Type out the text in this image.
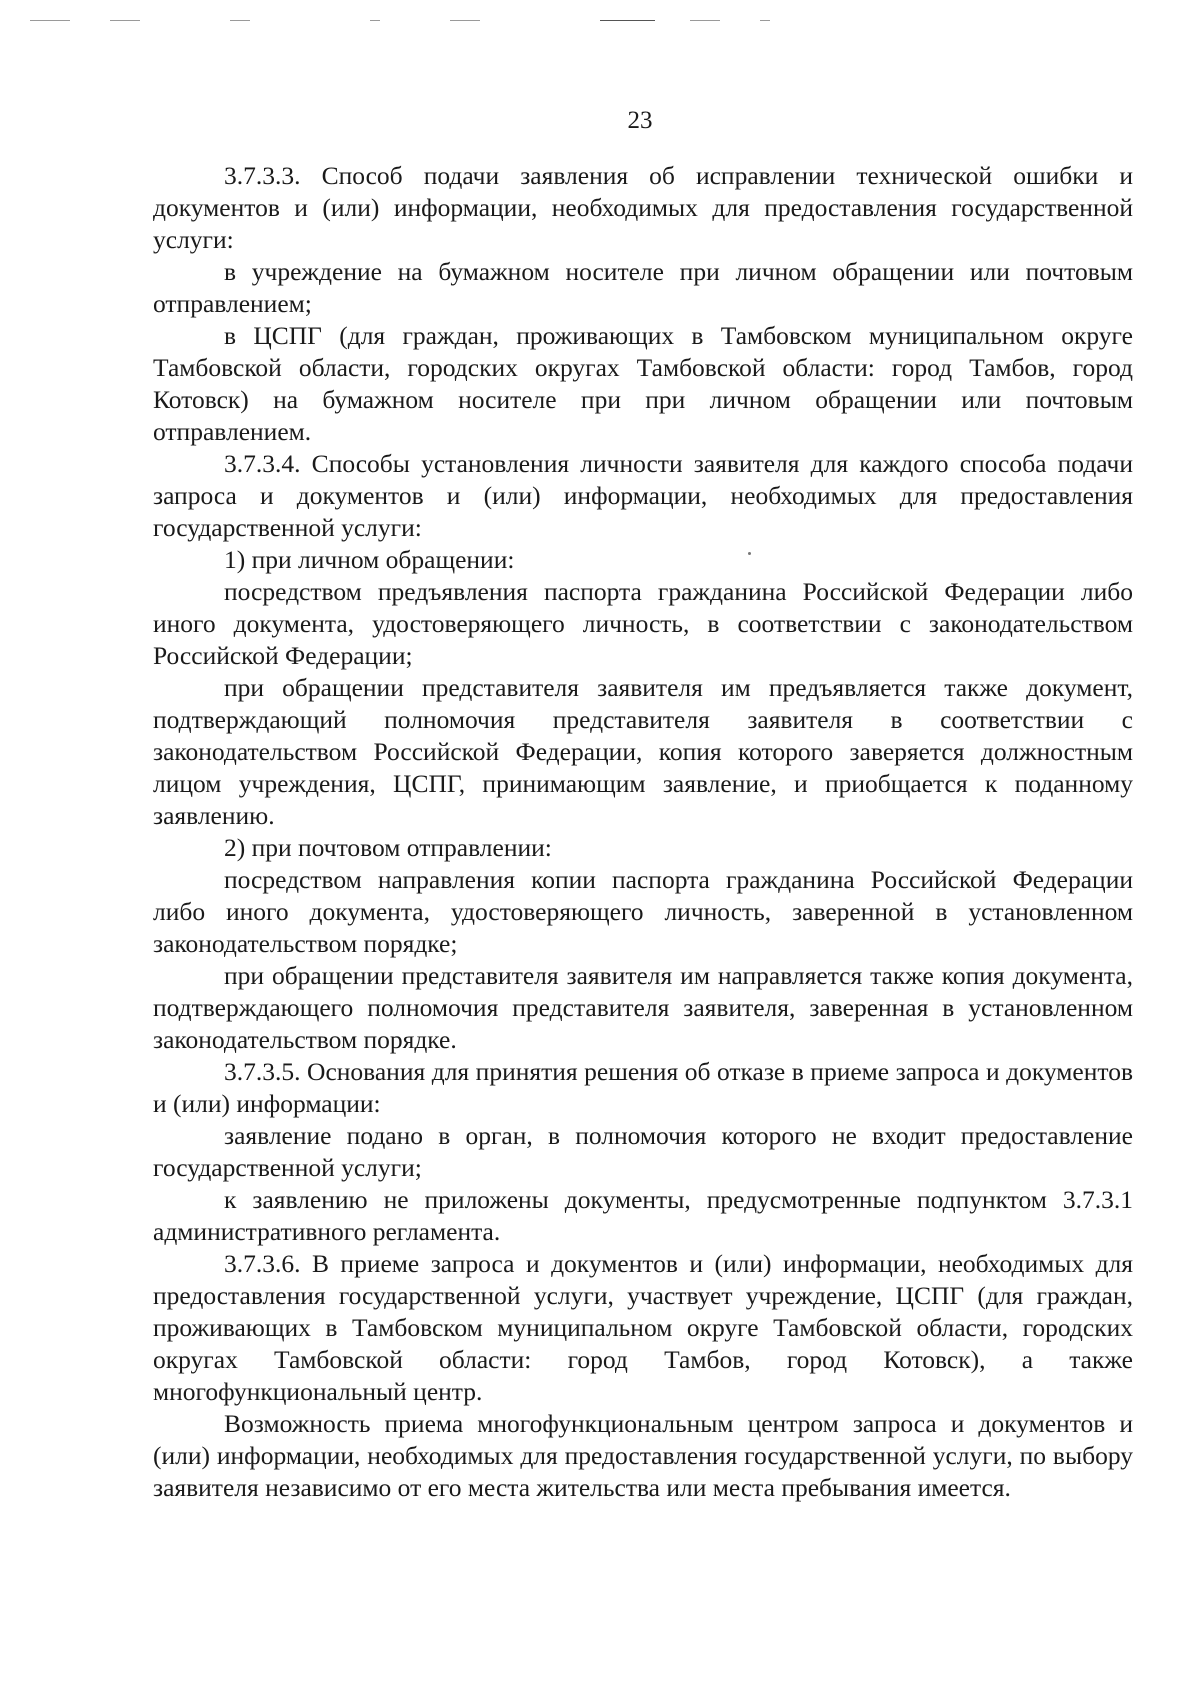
23

3.7.3.3. Способ подачи заявления об исправлении технической ошибки и документов и (или) информации, необходимых для предоставления государственной услуги:

в учреждение на бумажном носителе при личном обращении или почтовым отправлением;

в ЦСПГ (для граждан, проживающих в Тамбовском муниципальном округе Тамбовской области, городских округах Тамбовской области: город Тамбов, город Котовск) на бумажном носителе при при личном обращении или почтовым отправлением.

3.7.3.4. Способы установления личности заявителя для каждого способа подачи запроса и документов и (или) информации, необходимых для предоставления государственной услуги:

1) при личном обращении:

посредством предъявления паспорта гражданина Российской Федерации либо иного документа, удостоверяющего личность, в соответствии с законодательством Российской Федерации;

при обращении представителя заявителя им предъявляется также документ, подтверждающий полномочия представителя заявителя в соответствии с законодательством Российской Федерации, копия которого заверяется должностным лицом учреждения, ЦСПГ, принимающим заявление, и приобщается к поданному заявлению.

2) при почтовом отправлении:

посредством направления копии паспорта гражданина Российской Федерации либо иного документа, удостоверяющего личность, заверенной в установленном законодательством порядке;

при обращении представителя заявителя им направляется также копия документа, подтверждающего полномочия представителя заявителя, заверенная в установленном законодательством порядке.

3.7.3.5. Основания для принятия решения об отказе в приеме запроса и документов и (или) информации:

заявление подано в орган, в полномочия которого не входит предоставление государственной услуги;

к заявлению не приложены документы, предусмотренные подпунктом 3.7.3.1 административного регламента.

3.7.3.6. В приеме запроса и документов и (или) информации, необходимых для предоставления государственной услуги, участвует учреждение, ЦСПГ (для граждан, проживающих в Тамбовском муниципальном округе Тамбовской области, городских округах Тамбовской области: город Тамбов, город Котовск), а также многофункциональный центр.

Возможность приема многофункциональным центром запроса и документов и (или) информации, необходимых для предоставления государственной услуги, по выбору заявителя независимо от его места жительства или места пребывания имеется.
